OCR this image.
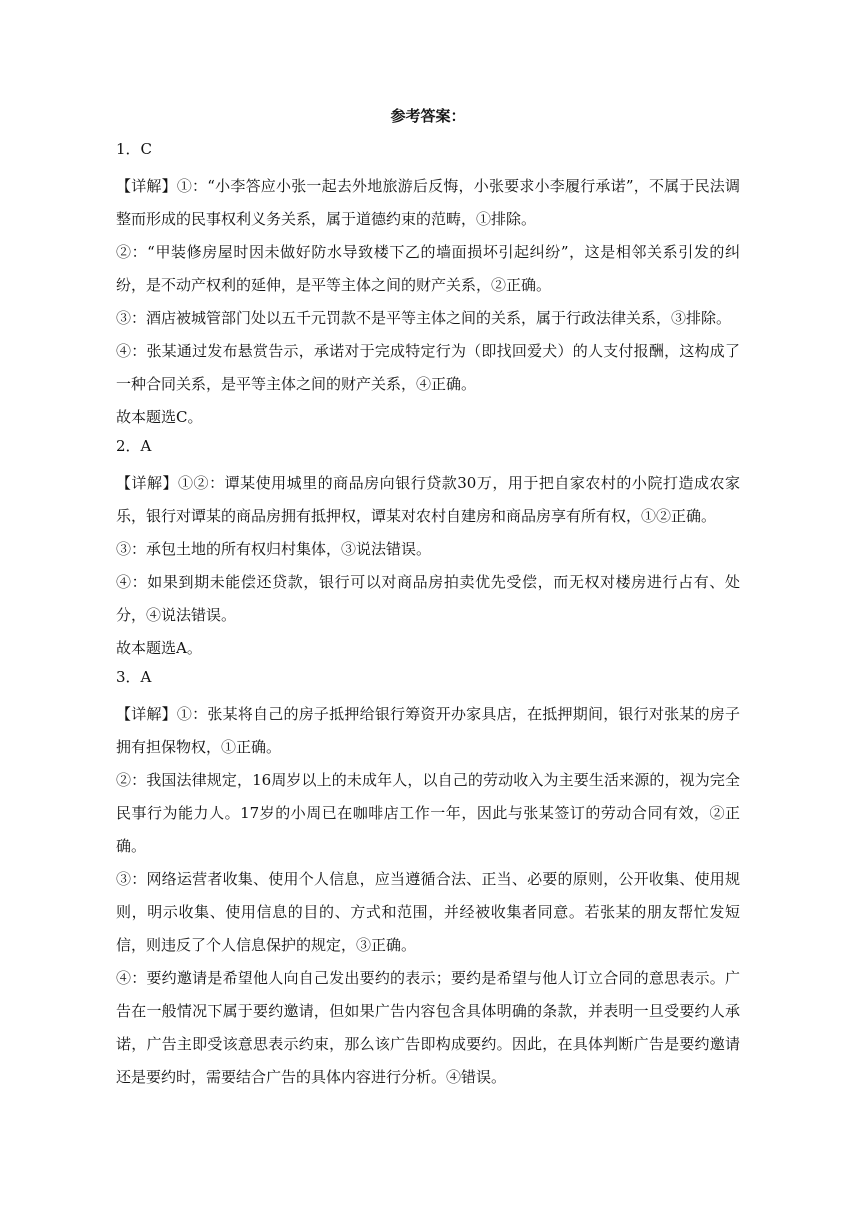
参考答案：
1．C

【详解】①：“小李答应小张一起去外地旅游后反悔，小张要求小李履行承诺”，不属于民法调整而形成的民事权利义务关系，属于道德约束的范畴，①排除。

②：“甲装修房屋时因未做好防水导致楼下乙的墙面损坏引起纠纷”，这是相邻关系引发的纠纷，是不动产权利的延伸，是平等主体之间的财产关系，②正确。

③：酒店被城管部门处以五千元罚款不是平等主体之间的关系，属于行政法律关系，③排除。

④：张某通过发布悬赏告示，承诺对于完成特定行为（即找回爱犬）的人支付报酬，这构成了一种合同关系，是平等主体之间的财产关系，④正确。

故本题选C。

2．A

【详解】①②：谭某使用城里的商品房向银行贷款30万，用于把自家农村的小院打造成农家乐，银行对谭某的商品房拥有抵押权，谭某对农村自建房和商品房享有所有权，①②正确。

③：承包土地的所有权归村集体，③说法错误。

④：如果到期未能偿还贷款，银行可以对商品房拍卖优先受偿，而无权对楼房进行占有、处分，④说法错误。

故本题选A。

3．A

【详解】①：张某将自己的房子抵押给银行筹资开办家具店，在抵押期间，银行对张某的房子拥有担保物权，①正确。

②：我国法律规定，16周岁以上的未成年人，以自己的劳动收入为主要生活来源的，视为完全民事行为能力人。17岁的小周已在咖啡店工作一年，因此与张某签订的劳动合同有效，②正确。

③：网络运营者收集、使用个人信息，应当遵循合法、正当、必要的原则，公开收集、使用规则，明示收集、使用信息的目的、方式和范围，并经被收集者同意。若张某的朋友帮忙发短信，则违反了个人信息保护的规定，③正确。

④：要约邀请是希望他人向自己发出要约的表示；要约是希望与他人订立合同的意思表示。广告在一般情况下属于要约邀请，但如果广告内容包含具体明确的条款，并表明一旦受要约人承诺，广告主即受该意思表示约束，那么该广告即构成要约。因此，在具体判断广告是要约邀请还是要约时，需要结合广告的具体内容进行分析。④错误。
